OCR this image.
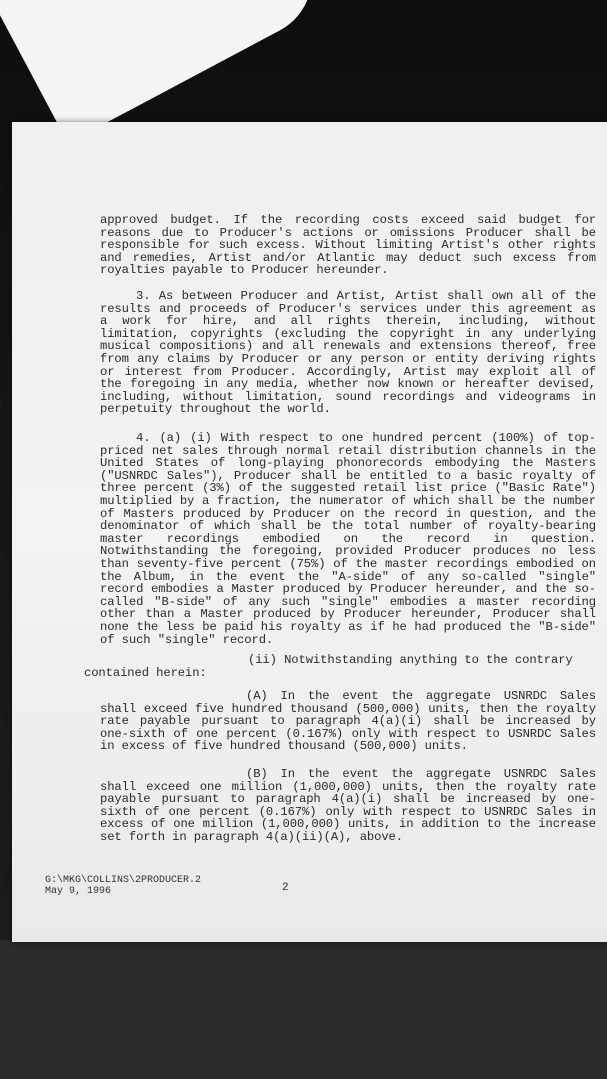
approved budget. If the recording costs exceed said budget for reasons due to Producer's actions or omissions Producer shall be responsible for such excess. Without limiting Artist's other rights and remedies, Artist and/or Atlantic may deduct such excess from royalties payable to Producer hereunder.
3. As between Producer and Artist, Artist shall own all of the results and proceeds of Producer's services under this agreement as a work for hire, and all rights therein, including, without limitation, copyrights (excluding the copyright in any underlying musical compositions) and all renewals and extensions thereof, free from any claims by Producer or any person or entity deriving rights or interest from Producer. Accordingly, Artist may exploit all of the foregoing in any media, whether now known or hereafter devised, including, without limitation, sound recordings and videograms in perpetuity throughout the world.
4. (a) (i) With respect to one hundred percent (100%) of top-priced net sales through normal retail distribution channels in the United States of long-playing phonorecords embodying the Masters ("USNRDC Sales"), Producer shall be entitled to a basic royalty of three percent (3%) of the suggested retail list price ("Basic Rate") multiplied by a fraction, the numerator of which shall be the number of Masters produced by Producer on the record in question, and the denominator of which shall be the total number of royalty-bearing master recordings embodied on the record in question. Notwithstanding the foregoing, provided Producer produces no less than seventy-five percent (75%) of the master recordings embodied on the Album, in the event the "A-side" of any so-called "single" record embodies a Master produced by Producer hereunder, and the so-called "B-side" of any such "single" embodies a master recording other than a Master produced by Producer hereunder, Producer shall none the less be paid his royalty as if he had produced the "B-side" of such "single" record.
(ii) Notwithstanding anything to the contrary
contained herein:
(A) In the event the aggregate USNRDC Sales shall exceed five hundred thousand (500,000) units, then the royalty rate payable pursuant to paragraph 4(a)(i) shall be increased by one-sixth of one percent (0.167%) only with respect to USNRDC Sales in excess of five hundred thousand (500,000) units.
(B) In the event the aggregate USNRDC Sales shall exceed one million (1,000,000) units, then the royalty rate payable pursuant to paragraph 4(a)(i) shall be increased by one-sixth of one percent (0.167%) only with respect to USNRDC Sales in excess of one million (1,000,000) units, in addition to the increase set forth in paragraph 4(a)(ii)(A), above.
G:\MKG\COLLINS\2PRODUCER.2
May 9, 1996	2
